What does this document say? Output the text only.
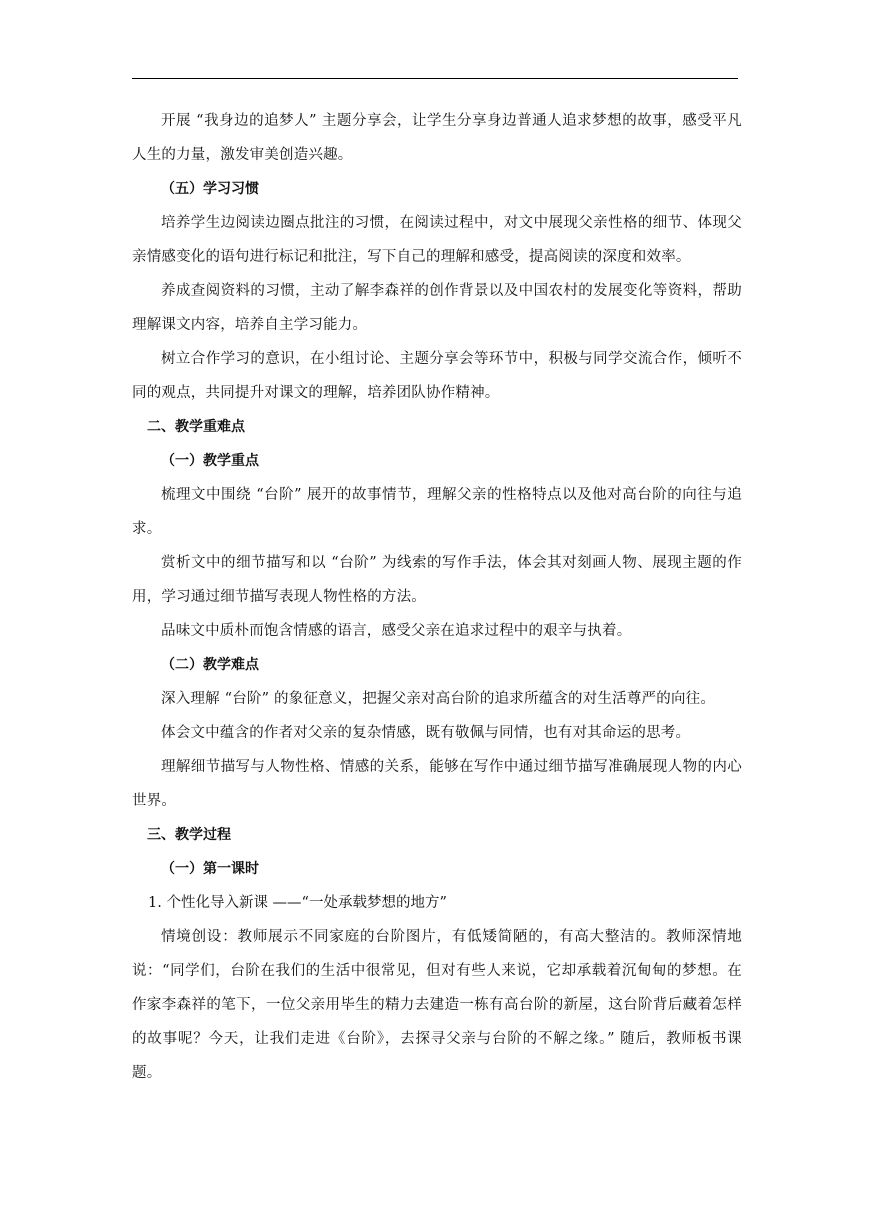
开展 “我身边的追梦人” 主题分享会，让学生分享身边普通人追求梦想的故事，感受平凡人生的力量，激发审美创造兴趣。

（五）学习习惯

培养学生边阅读边圈点批注的习惯，在阅读过程中，对文中展现父亲性格的细节、体现父亲情感变化的语句进行标记和批注，写下自己的理解和感受，提高阅读的深度和效率。

养成查阅资料的习惯，主动了解李森祥的创作背景以及中国农村的发展变化等资料，帮助理解课文内容，培养自主学习能力。

树立合作学习的意识，在小组讨论、主题分享会等环节中，积极与同学交流合作，倾听不同的观点，共同提升对课文的理解，培养团队协作精神。

二、教学重难点

（一）教学重点

梳理文中围绕 “台阶” 展开的故事情节，理解父亲的性格特点以及他对高台阶的向往与追求。

赏析文中的细节描写和以 “台阶” 为线索的写作手法，体会其对刻画人物、展现主题的作用，学习通过细节描写表现人物性格的方法。

品味文中质朴而饱含情感的语言，感受父亲在追求过程中的艰辛与执着。

（二）教学难点

深入理解 “台阶” 的象征意义，把握父亲对高台阶的追求所蕴含的对生活尊严的向往。

体会文中蕴含的作者对父亲的复杂情感，既有敬佩与同情，也有对其命运的思考。

理解细节描写与人物性格、情感的关系，能够在写作中通过细节描写准确展现人物的内心世界。

三、教学过程

（一）第一课时

1. 个性化导入新课 ——“一处承载梦想的地方”

情境创设：教师展示不同家庭的台阶图片，有低矮简陋的，有高大整洁的。教师深情地说：“同学们，台阶在我们的生活中很常见，但对有些人来说，它却承载着沉甸甸的梦想。在作家李森祥的笔下，一位父亲用毕生的精力去建造一栋有高台阶的新屋，这台阶背后藏着怎样的故事呢？今天，让我们走进《台阶》，去探寻父亲与台阶的不解之缘。” 随后，教师板书课题。
